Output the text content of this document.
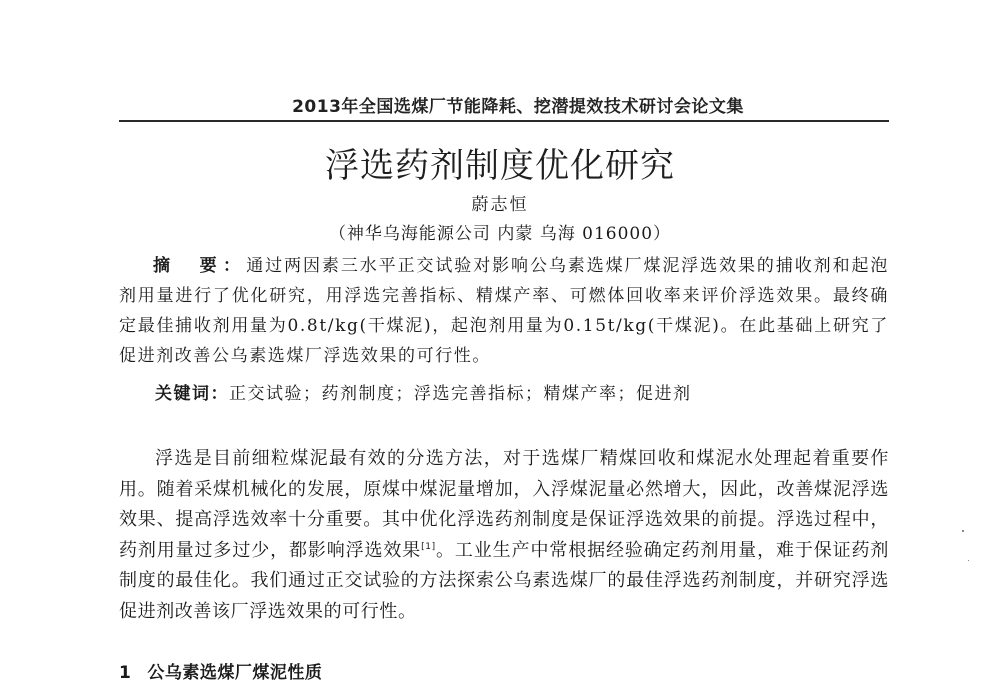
2013年全国选煤厂节能降耗、挖潜提效技术研讨会论文集
浮选药剂制度优化研究
蔚志恒
（神华乌海能源公司 内蒙 乌海 016000）
摘　要：通过两因素三水平正交试验对影响公乌素选煤厂煤泥浮选效果的捕收剂和起泡剂用量进行了优化研究，用浮选完善指标、精煤产率、可燃体回收率来评价浮选效果。最终确定最佳捕收剂用量为0.8t/kg(干煤泥)，起泡剂用量为0.15t/kg(干煤泥)。在此基础上研究了促进剂改善公乌素选煤厂浮选效果的可行性。
关键词：正交试验；药剂制度；浮选完善指标；精煤产率；促进剂
浮选是目前细粒煤泥最有效的分选方法，对于选煤厂精煤回收和煤泥水处理起着重要作用。随着采煤机械化的发展，原煤中煤泥量增加，入浮煤泥量必然增大，因此，改善煤泥浮选效果、提高浮选效率十分重要。其中优化浮选药剂制度是保证浮选效果的前提。浮选过程中，药剂用量过多过少，都影响浮选效果[1]。工业生产中常根据经验确定药剂用量，难于保证药剂制度的最佳化。我们通过正交试验的方法探索公乌素选煤厂的最佳浮选药剂制度，并研究浮选促进剂改善该厂浮选效果的可行性。
1 公乌素选煤厂煤泥性质
